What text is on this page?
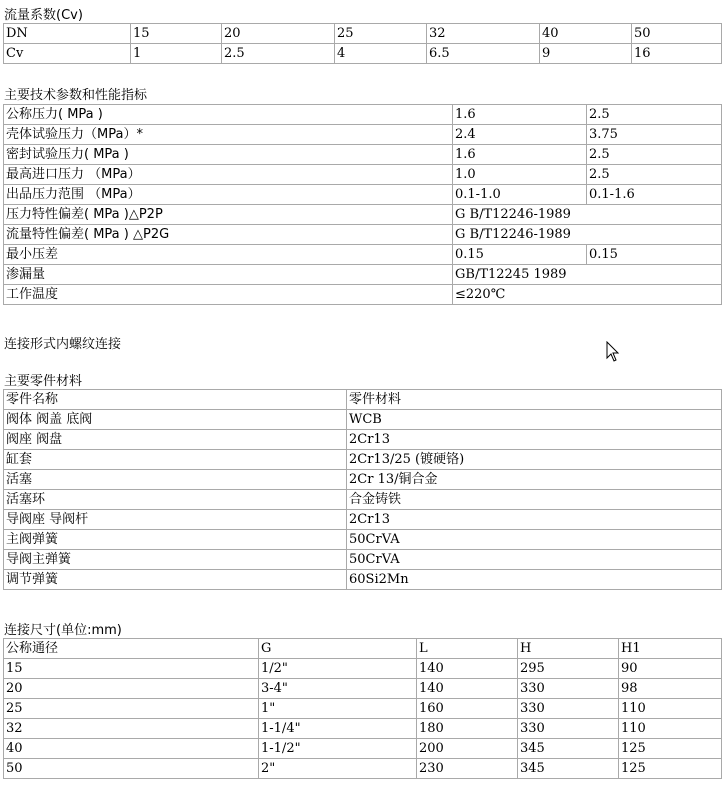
流量系数(Cv)
DN	15	20	25	32	40	50
Cv	1	2.5	4	6.5	9	16
主要技术参数和性能指标
公称压力( MPa )	1.6	2.5
壳体试验压力（MPa）*	2.4	3.75
密封试验压力( MPa )	1.6	2.5
最高进口压力 （MPa）	1.0	2.5
出品压力范围 （MPa）	0.1-1.0	0.1-1.6
压力特性偏差( MPa )△P2P	G B/T12246-1989	
流量特性偏差( MPa ) △P2G	G B/T12246-1989	
最小压差	0.15	0.15
渗漏量	GB/T12245 1989	
工作温度	≤220℃	
连接形式内螺纹连接
主要零件材料
零件名称	零件材料
阀体 阀盖 底阀	WCB
阀座 阀盘	2Cr13
缸套	2Cr13/25 (镀硬铬)
活塞	2Cr 13/铜合金
活塞环	合金铸铁
导阀座 导阀杆	2Cr13
主阀弹簧	50CrVA
导阀主弹簧	50CrVA
调节弹簧	60Si2Mn
连接尺寸(单位:mm)
公称通径	G	L	H	H1
15	1/2"	140	295	90
20	3-4"	140	330	98
25	1"	160	330	110
32	1-1/4"	180	330	110
40	1-1/2"	200	345	125
50	2"	230	345	125
